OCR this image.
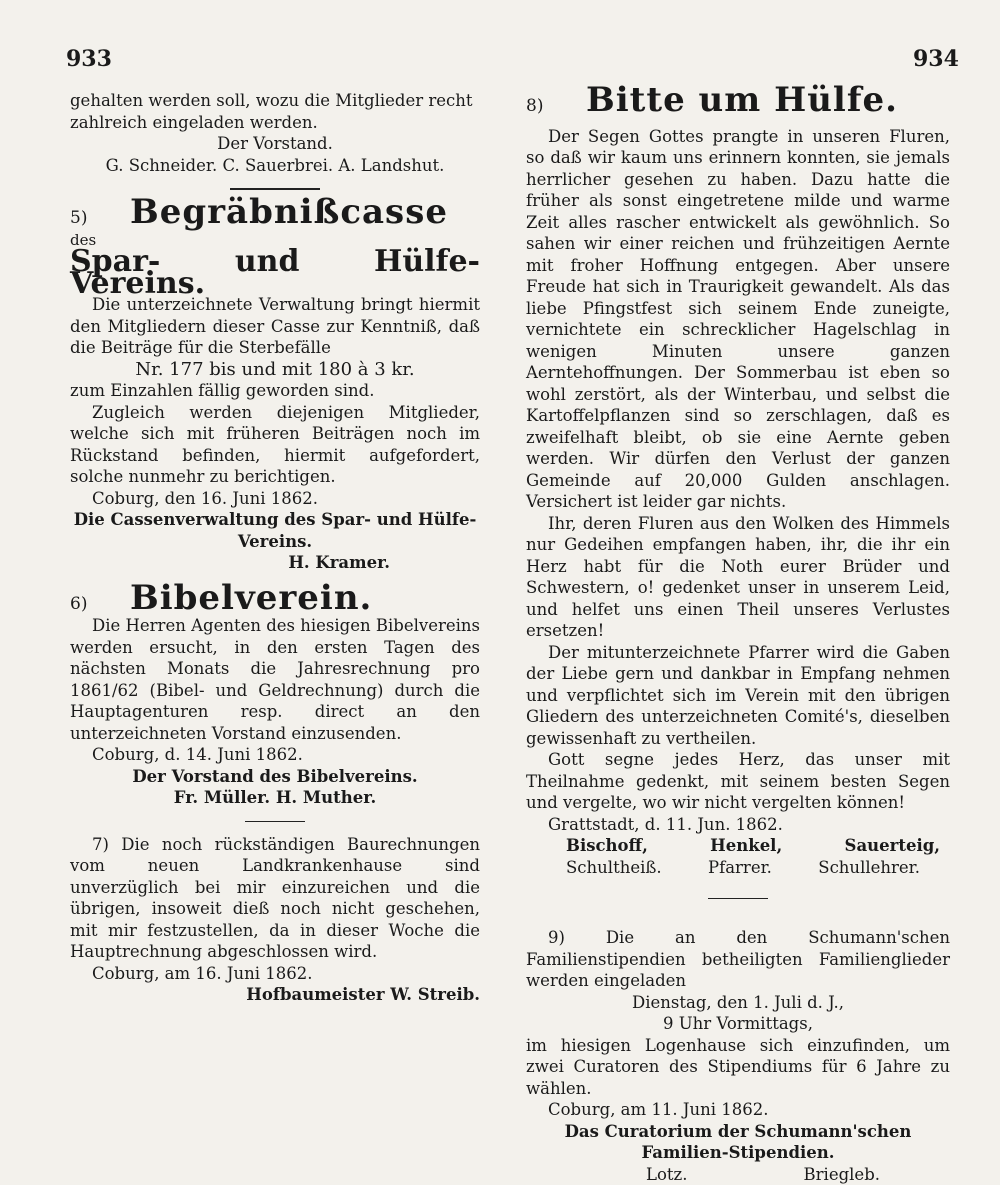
933	934

gehalten werden soll, wozu die Mitglieder recht

zahlreich eingeladen werden.

Der Vorstand.

G. Schneider. C. Sauerbrei. A. Landshut.

5)	Begräbnißcasse

des

Spar- und Hülfe-Vereins.

Die unterzeichnete Verwaltung bringt hiermit den Mitgliedern dieser Casse zur Kenntniß, daß die Beiträge für die Sterbefälle

Nr. 177 bis und mit 180 à 3 kr.

zum Einzahlen fällig geworden sind.

Zugleich werden diejenigen Mitglieder, welche sich mit früheren Beiträgen noch im Rückstand befinden, hiermit aufgefordert, solche nunmehr zu berichtigen.

Coburg, den 16. Juni 1862.

Die Cassenverwaltung des Spar- und Hülfe-Vereins.

H. Kramer.

6)	Bibelverein.

Die Herren Agenten des hiesigen Bibelvereins werden ersucht, in den ersten Tagen des nächsten Monats die Jahresrechnung pro 1861/62 (Bibel- und Geldrechnung) durch die Hauptagenturen resp. direct an den unterzeichneten Vorstand einzusenden.

Coburg, d. 14. Juni 1862.

Der Vorstand des Bibelvereins.

Fr. Müller. H. Muther.

7) Die noch rückständigen Baurechnungen vom neuen Landkrankenhause sind unverzüglich bei mir einzureichen und die übrigen, insoweit dieß noch nicht geschehen, mit mir festzustellen, da in dieser Woche die Hauptrechnung abgeschlossen wird.

Coburg, am 16. Juni 1862.

Hofbaumeister W. Streib.

8)	Bitte um Hülfe.

Der Segen Gottes prangte in unseren Fluren, so daß wir kaum uns erinnern konnten, sie jemals herrlicher gesehen zu haben. Dazu hatte die früher als sonst eingetretene milde und warme Zeit alles rascher entwickelt als gewöhnlich. So sahen wir einer reichen und frühzeitigen Aernte mit froher Hoffnung entgegen. Aber unsere Freude hat sich in Traurigkeit gewandelt. Als das liebe Pfingstfest sich seinem Ende zuneigte, vernichtete ein schrecklicher Hagelschlag in wenigen Minuten unsere ganzen Aerntehoffnungen. Der Sommerbau ist eben so wohl zerstört, als der Winterbau, und selbst die Kartoffelpflanzen sind so zerschlagen, daß es zweifelhaft bleibt, ob sie eine Aernte geben werden. Wir dürfen den Verlust der ganzen Gemeinde auf 20,000 Gulden anschlagen. Versichert ist leider gar nichts.

Ihr, deren Fluren aus den Wolken des Himmels nur Gedeihen empfangen haben, ihr, die ihr ein Herz habt für die Noth eurer Brüder und Schwestern, o! gedenket unser in unserem Leid, und helfet uns einen Theil unseres Verlustes ersetzen!

Der mitunterzeichnete Pfarrer wird die Gaben der Liebe gern und dankbar in Empfang nehmen und verpflichtet sich im Verein mit den übrigen Gliedern des unterzeichneten Comité's, dieselben gewissenhaft zu vertheilen.

Gott segne jedes Herz, das unser mit Theilnahme gedenkt, mit seinem besten Segen und vergelte, wo wir nicht vergelten können!

Grattstadt, d. 11. Jun. 1862.

Bischoff,	Henkel,	Sauerteig,
Schultheiß.	Pfarrer.	Schullehrer.

9) Die an den Schumann'schen Familienstipendien betheiligten Familienglieder werden eingeladen

Dienstag, den 1. Juli d. J.,

9 Uhr Vormittags,

im hiesigen Logenhause sich einzufinden, um zwei Curatoren des Stipendiums für 6 Jahre zu wählen.

Coburg, am 11. Juni 1862.

Das Curatorium der Schumann'schen Familien-Stipendien.

Lotz.	Briegleb.
